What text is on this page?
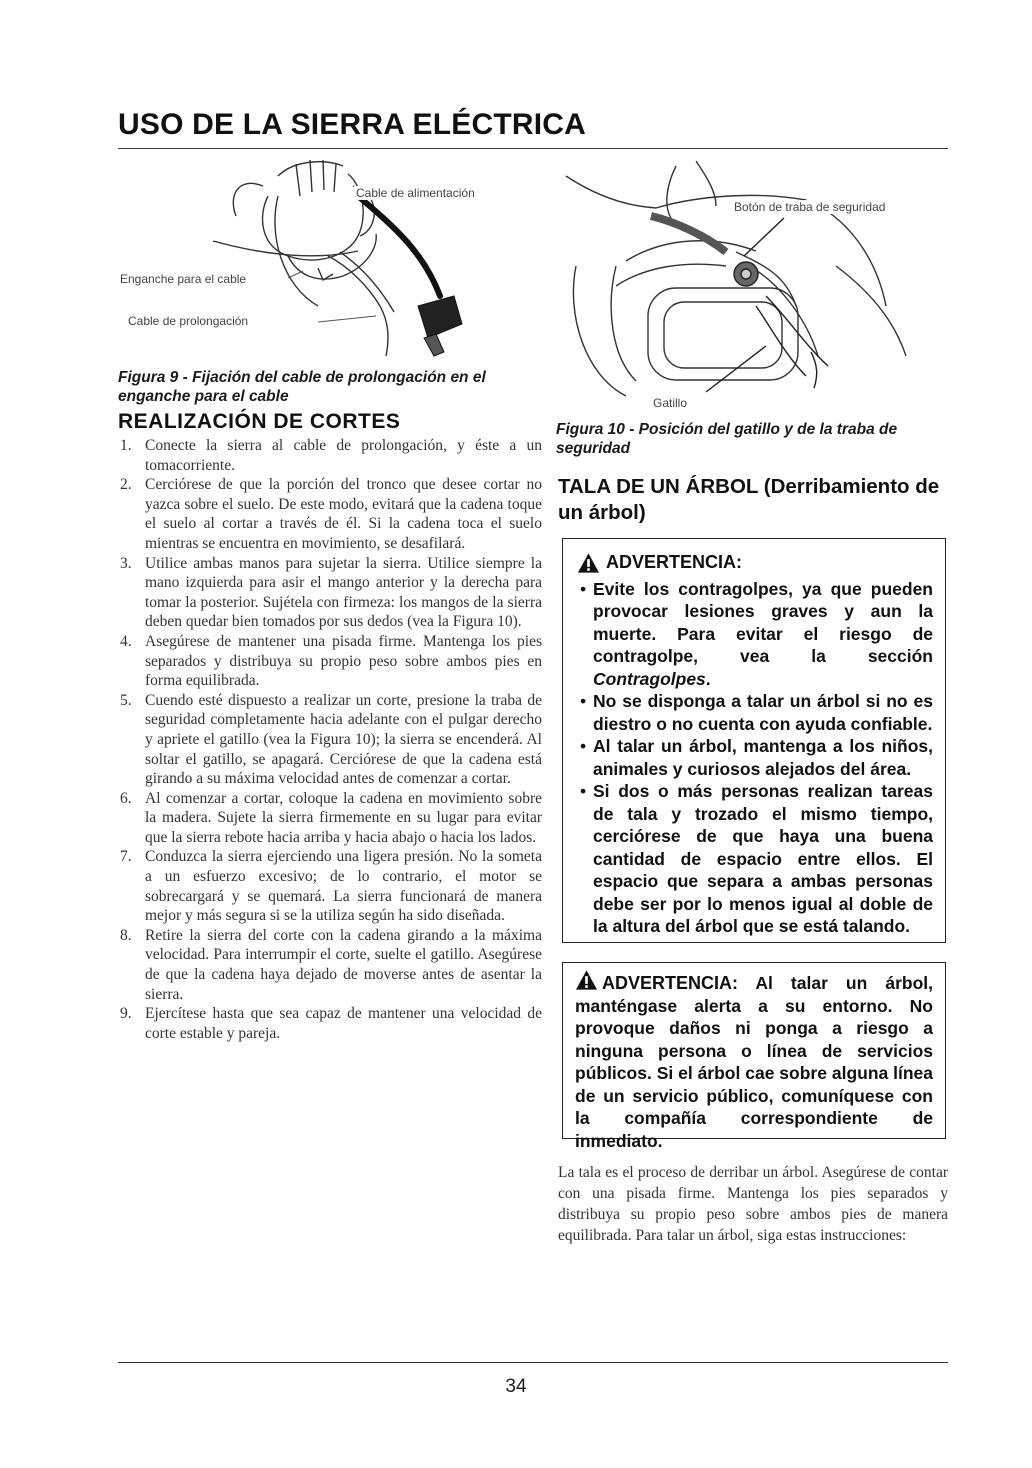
USO DE LA SIERRA ELÉCTRICA
Cable de alimentación
Enganche para el cable
Cable de prolongación

Figura 9 - Fijación del cable de prolongación en el enganche para el cable

Botón de traba de seguridad
Gatillo

Figura 10 - Posición del gatillo y de la traba de seguridad

REALIZACIÓN DE CORTES
1. Conecte la sierra al cable de prolongación, y éste a un tomacorriente.
2. Cerciórese de que la porción del tronco que desee cortar no yazca sobre el suelo. De este modo, evitará que la cadena toque el suelo al cortar a través de él. Si la cadena toca el suelo mientras se encuentra en movimiento, se desafilará.
3. Utilice ambas manos para sujetar la sierra. Utilice siempre la mano izquierda para asir el mango anterior y la derecha para tomar la posterior. Sujétela con firmeza: los mangos de la sierra deben quedar bien tomados por sus dedos (vea la Figura 10).
4. Asegúrese de mantener una pisada firme. Mantenga los pies separados y distribuya su propio peso sobre ambos pies en forma equilibrada.
5. Cuendo esté dispuesto a realizar un corte, presione la traba de seguridad completamente hacia adelante con el pulgar derecho y apriete el gatillo (vea la Figura 10); la sierra se encenderá. Al soltar el gatillo, se apagará. Cerciórese de que la cadena está girando a su máxima velocidad antes de comenzar a cortar.
6. Al comenzar a cortar, coloque la cadena en movimiento sobre la madera. Sujete la sierra firmemente en su lugar para evitar que la sierra rebote hacia arriba y hacia abajo o hacia los lados.
7. Conduzca la sierra ejerciendo una ligera presión. No la someta a un esfuerzo excesivo; de lo contrario, el motor se sobrecargará y se quemará. La sierra funcionará de manera mejor y más segura si se la utiliza según ha sido diseñada.
8. Retire la sierra del corte con la cadena girando a la máxima velocidad. Para interrumpir el corte, suelte el gatillo. Asegúrese de que la cadena haya dejado de moverse antes de asentar la sierra.
9. Ejercítese hasta que sea capaz de mantener una velocidad de corte estable y pareja.
TALA DE UN ÁRBOL (Derribamiento de un árbol)
ADVERTENCIA:
• Evite los contragolpes, ya que pueden provocar lesiones graves y aun la muerte. Para evitar el riesgo de contragolpe, vea la sección Contragolpes.
• No se disponga a talar un árbol si no es diestro o no cuenta con ayuda confiable.
• Al talar un árbol, mantenga a los niños, animales y curiosos alejados del área.
• Si dos o más personas realizan tareas de tala y trozado el mismo tiempo, cerciórese de que haya una buena cantidad de espacio entre ellos. El espacio que separa a ambas personas debe ser por lo menos igual al doble de la altura del árbol que se está talando.
ADVERTENCIA: Al talar un árbol, manténgase alerta a su entorno. No provoque daños ni ponga a riesgo a ninguna persona o línea de servicios públicos. Si el árbol cae sobre alguna línea de un servicio público, comuníquese con la compañía correspondiente de inmediato.

La tala es el proceso de derribar un árbol. Asegúrese de contar con una pisada firme. Mantenga los pies separados y distribuya su propio peso sobre ambos pies de manera equilibrada. Para talar un árbol, siga estas instrucciones:

34
